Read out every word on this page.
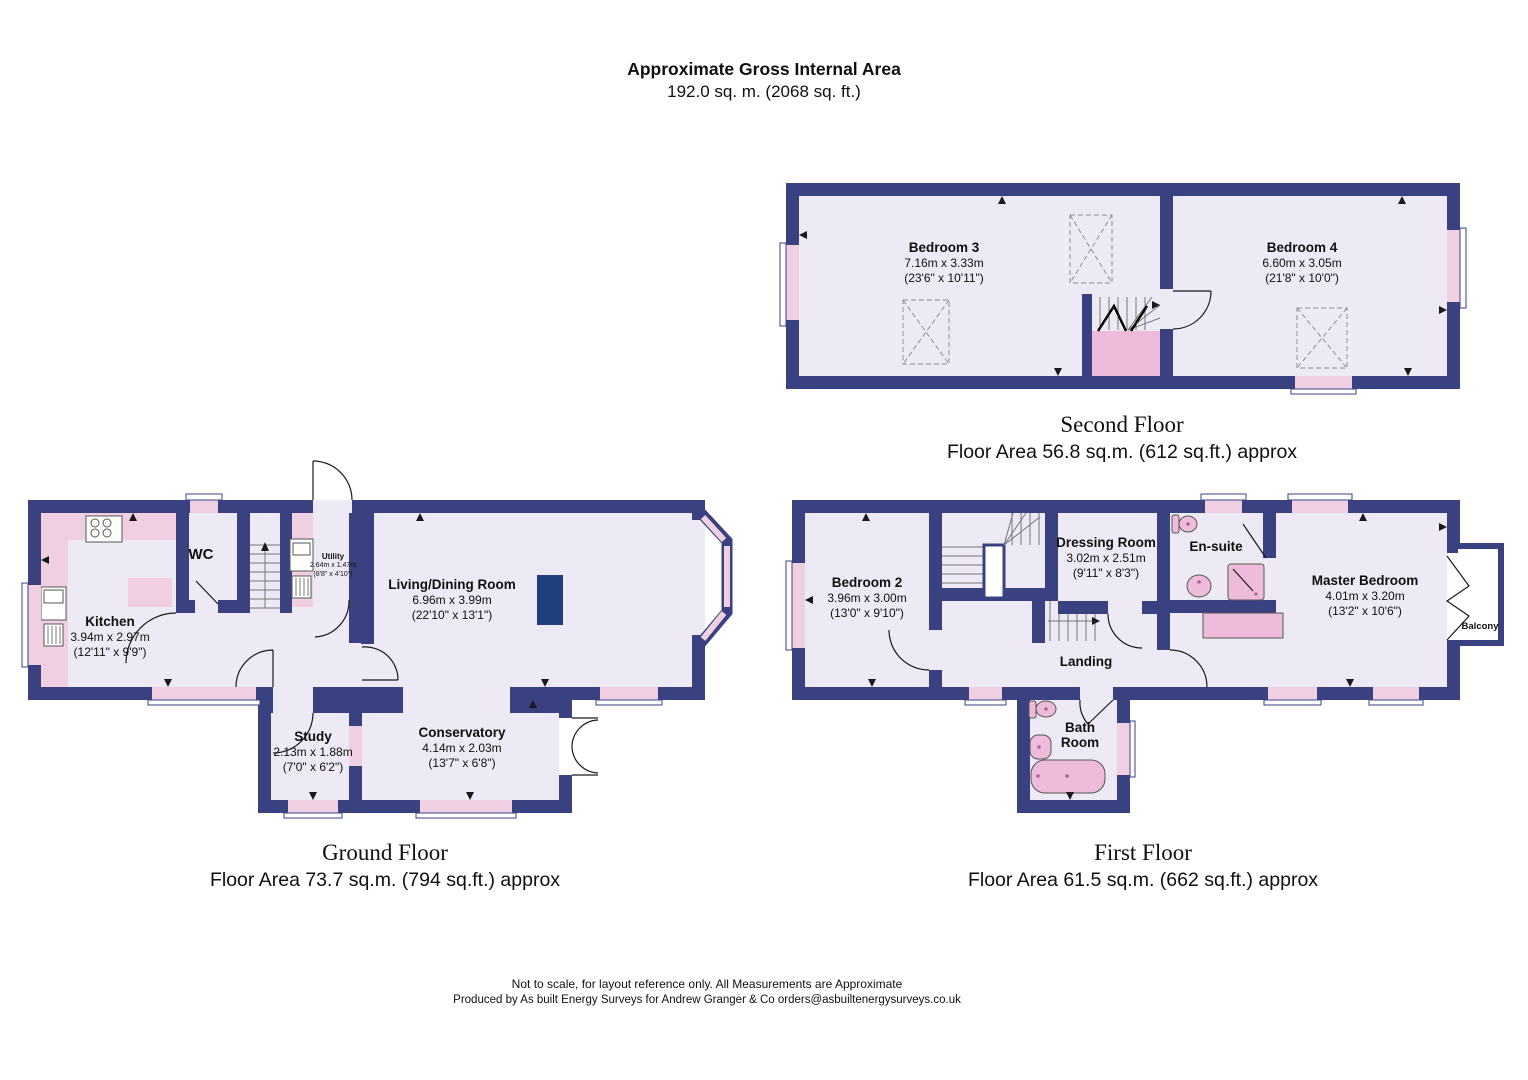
Approximate Gross Internal Area
192.0 sq. m. (2068 sq. ft.)
Bedroom 3
7.16m x 3.33m
(23'6" x 10'11")
Bedroom 4
6.60m x 3.05m
(21'8" x 10'0")
Second Floor
Floor Area 56.8 sq.m. (612 sq.ft.) approx
Kitchen
3.94m x 2.97m
(12'11" x 9'9")
WC	Utility
2.64m x 1.47m
(8'8" x 4'10")
Living/Dining Room
6.96m x 3.99m
(22'10" x 13'1")
Study
2.13m x 1.88m
(7'0" x 6'2")
Conservatory
4.14m x 2.03m
(13'7" x 6'8")
Ground Floor
Floor Area 73.7 sq.m. (794 sq.ft.) approx
Bedroom 2
3.96m x 3.00m
(13'0" x 9'10")
Dressing Room
3.02m x 2.51m
(9'11" x 8'3")
En-suite
Master Bedroom
4.01m x 3.20m
(13'2" x 10'6")
Landing
Bath Room
Balcony
First Floor
Floor Area 61.5 sq.m. (662 sq.ft.) approx
Not to scale, for layout reference only. All Measurements are Approximate
Produced by As built Energy Surveys for Andrew Granger & Co orders@asbuiltenergysurveys.co.uk
